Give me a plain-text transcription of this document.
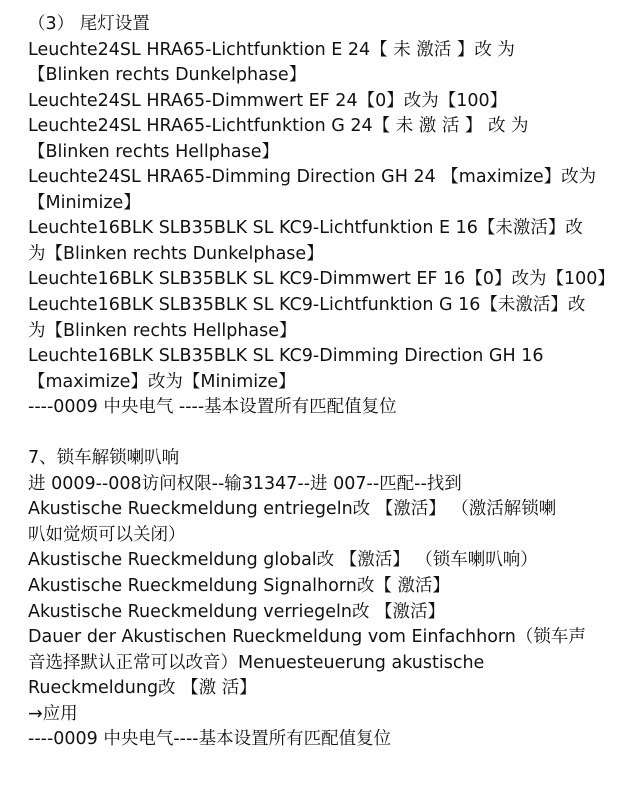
（3） 尾灯设置
Leuchte24SL HRA65-Lichtfunktion E 24【 未 激活 】改 为
【Blinken rechts Dunkelphase】
Leuchte24SL HRA65-Dimmwert EF 24【0】改为【100】
Leuchte24SL HRA65-Lichtfunktion G 24【 未 激 活 】 改 为
【Blinken rechts Hellphase】
Leuchte24SL HRA65-Dimming Direction GH 24 【maximize】改为
【Minimize】
Leuchte16BLK SLB35BLK SL KC9-Lichtfunktion E 16【未激活】改
为【Blinken rechts Dunkelphase】
Leuchte16BLK SLB35BLK SL KC9-Dimmwert EF 16【0】改为【100】
Leuchte16BLK SLB35BLK SL KC9-Lichtfunktion G 16【未激活】改
为【Blinken rechts Hellphase】
Leuchte16BLK SLB35BLK SL KC9-Dimming Direction GH 16
【maximize】改为【Minimize】
----0009 中央电气 ----基本设置所有匹配值复位
7、锁车解锁喇叭响
进 0009--008访问权限--输31347--进 007--匹配--找到
Akustische Rueckmeldung entriegeln改 【激活】 （激活解锁喇
叭如觉烦可以关闭）
Akustische Rueckmeldung global改 【激活】 （锁车喇叭响）
Akustische Rueckmeldung Signalhorn改【 激活】
Akustische Rueckmeldung verriegeln改 【激活】
Dauer der Akustischen Rueckmeldung vom Einfachhorn（锁车声
音选择默认正常可以改音）Menuesteuerung akustische
Rueckmeldung改 【激 活】
→应用
----0009 中央电气----基本设置所有匹配值复位
